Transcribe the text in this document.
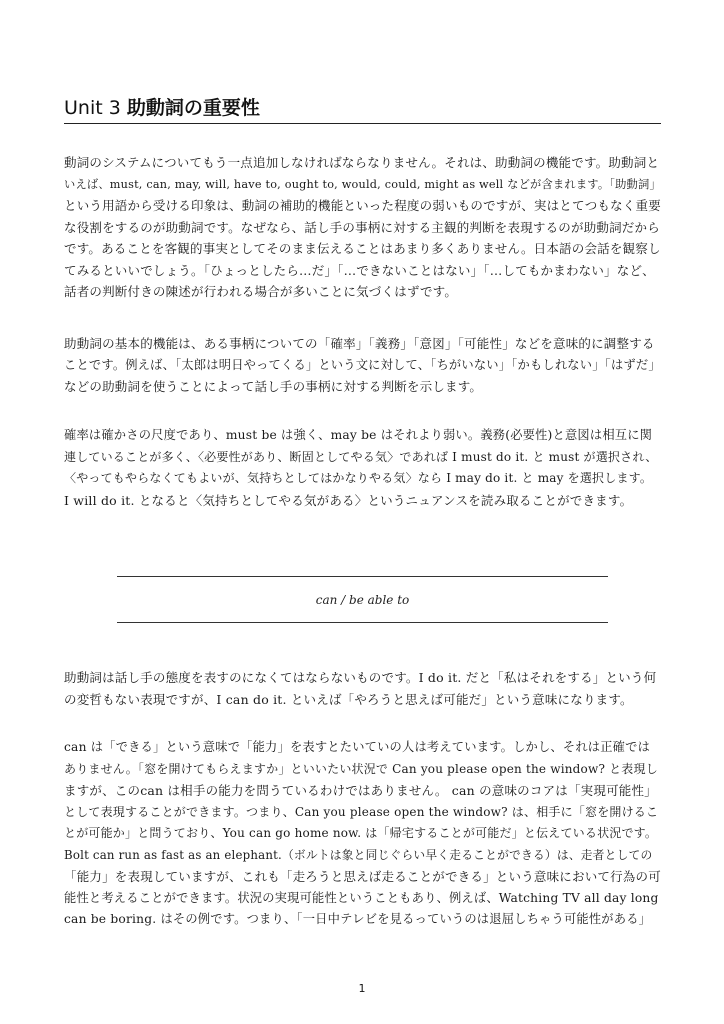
Unit 3 助動詞の重要性
動詞のシステムについてもう一点追加しなければならなりません。それは、助動詞の機能です。助動詞と
いえば、must, can, may, will, have to, ought to, would, could, might as well などが含まれます。「助動詞」
という用語から受ける印象は、動詞の補助的機能といった程度の弱いものですが、実はとてつもなく重要
な役割をするのが助動詞です。なぜなら、話し手の事柄に対する主観的判断を表現するのが助動詞だから
です。あることを客観的事実としてそのまま伝えることはあまり多くありません。日本語の会話を観察し
てみるといいでしょう。「ひょっとしたら…だ」「…できないことはない」「…してもかまわない」など、
話者の判断付きの陳述が行われる場合が多いことに気づくはずです。
助動詞の基本的機能は、ある事柄についての「確率」「義務」「意図」「可能性」などを意味的に調整する
ことです。例えば、「太郎は明日やってくる」という文に対して、「ちがいない」「かもしれない」「はずだ」
などの助動詞を使うことによって話し手の事柄に対する判断を示します。
確率は確かさの尺度であり、must be は強く、may be はそれより弱い。義務(必要性)と意図は相互に関
連していることが多く、〈必要性があり、断固としてやる気〉であれば I must do it. と must が選択され、
〈やってもやらなくてもよいが、気持ちとしてはかなりやる気〉なら I may do it. と may を選択します。
I will do it. となると〈気持ちとしてやる気がある〉というニュアンスを読み取ることができます。
can / be able to
助動詞は話し手の態度を表すのになくてはならないものです。I do it. だと「私はそれをする」という何
の変哲もない表現ですが、I can do it. といえば「やろうと思えば可能だ」という意味になります。
can は「できる」という意味で「能力」を表すとたいていの人は考えています。しかし、それは正確では
ありません。「窓を開けてもらえますか」といいたい状況で Can you please open the window? と表現し
ますが、このcan は相手の能力を問うているわけではありません。 can の意味のコアは「実現可能性」
として表現することができます。つまり、Can you please open the window? は、相手に「窓を開けるこ
とが可能か」と問うており、You can go home now. は「帰宅することが可能だ」と伝えている状況です。
Bolt can run as fast as an elephant.（ボルトは象と同じぐらい早く走ることができる）は、走者としての
「能力」を表現していますが、これも「走ろうと思えば走ることができる」という意味において行為の可
能性と考えることができます。状況の実現可能性ということもあり、例えば、Watching TV all day long
can be boring. はその例です。つまり、「一日中テレビを見るっていうのは退屈しちゃう可能性がある」
1
